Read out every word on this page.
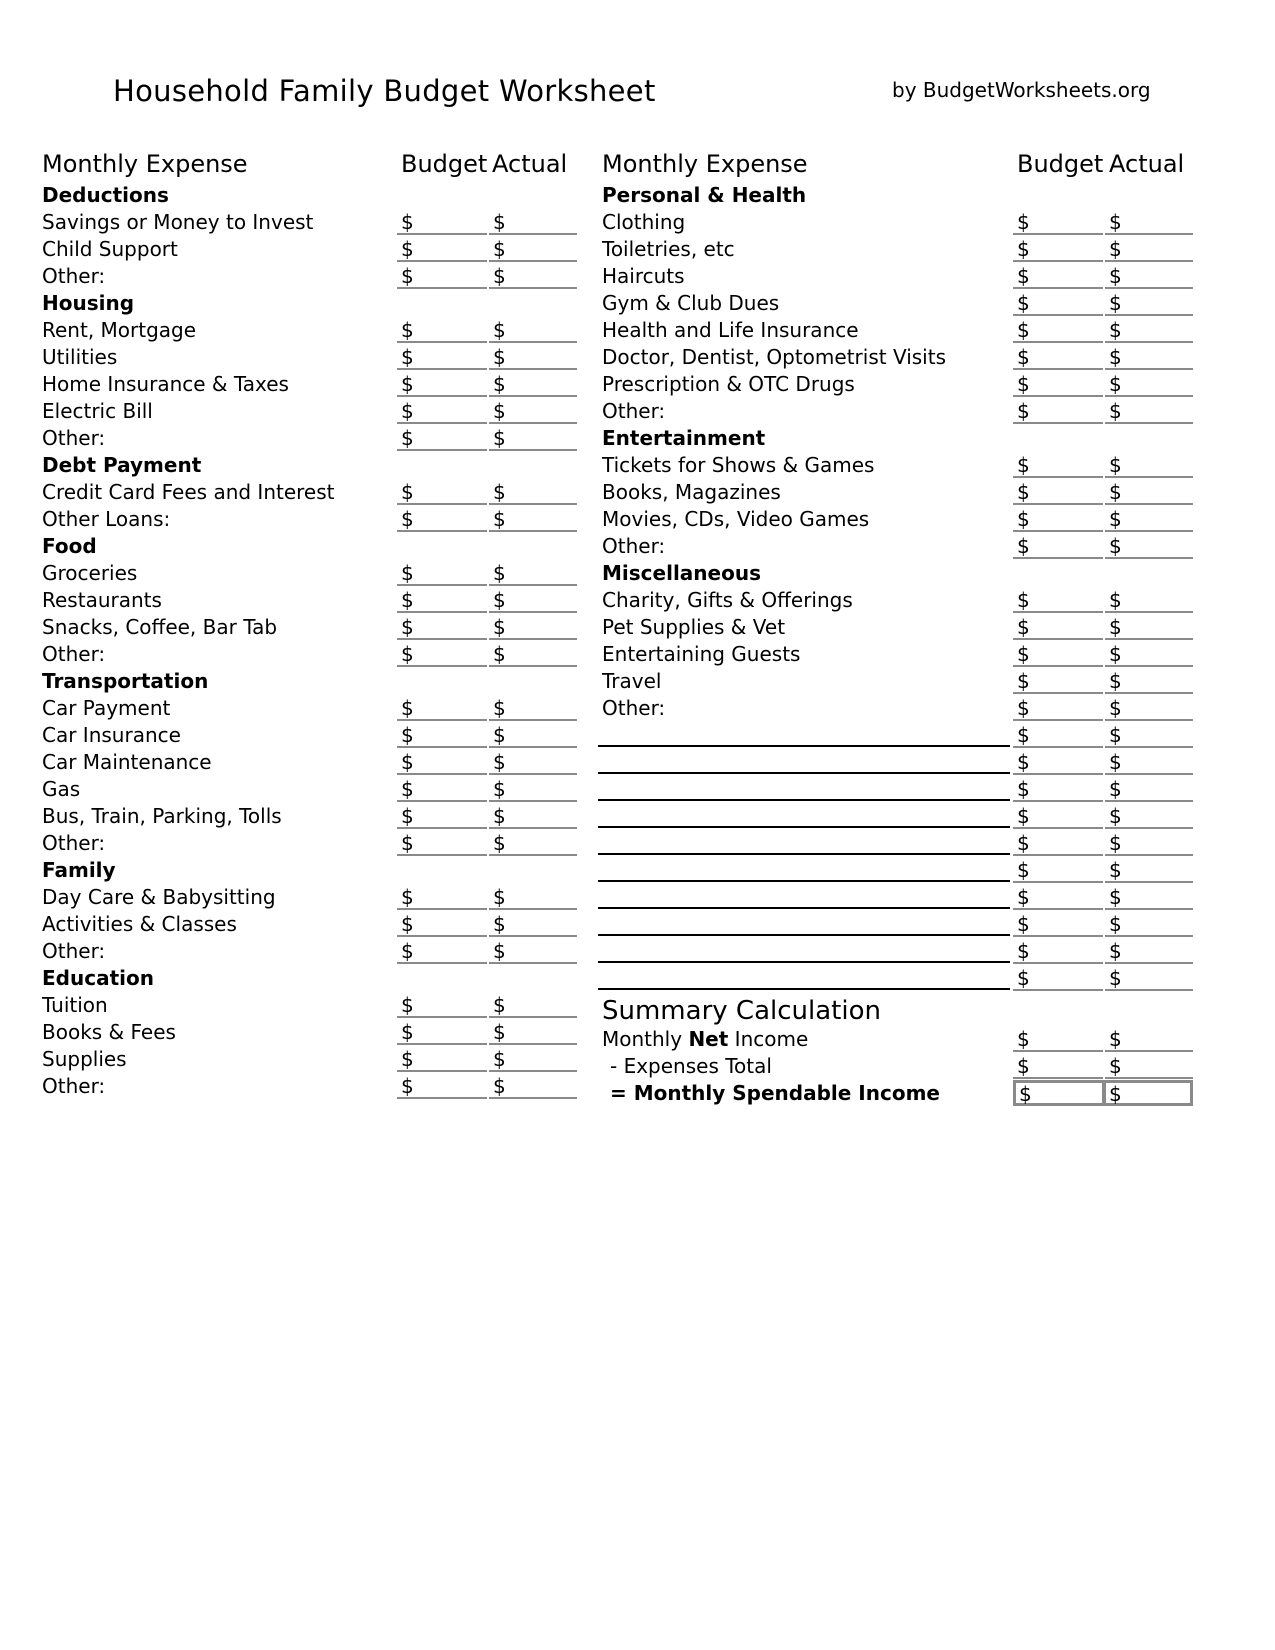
Household Family Budget Worksheet	by BudgetWorksheets.org
Monthly Expense	Budget Actual
Deductions
Savings or Money to Invest	$	$
Child Support	$	$
Other:	$	$
Housing
Rent, Mortgage	$	$
Utilities	$	$
Home Insurance & Taxes	$	$
Electric Bill	$	$
Other:	$	$
Debt Payment
Credit Card Fees and Interest	$	$
Other Loans:	$	$
Food
Groceries	$	$
Restaurants	$	$
Snacks, Coffee, Bar Tab	$	$
Other:	$	$
Transportation
Car Payment	$	$
Car Insurance	$	$
Car Maintenance	$	$
Gas	$	$
Bus, Train, Parking, Tolls	$	$
Other:	$	$
Family
Day Care & Babysitting	$	$
Activities & Classes	$	$
Other:	$	$
Education
Tuition	$	$
Books & Fees	$	$
Supplies	$	$
Other:	$	$
Monthly Expense	Budget Actual
Personal & Health
Clothing	$	$
Toiletries, etc	$	$
Haircuts	$	$
Gym & Club Dues	$	$
Health and Life Insurance	$	$
Doctor, Dentist, Optometrist Visits	$	$
Prescription & OTC Drugs	$	$
Other:	$	$
Entertainment
Tickets for Shows & Games	$	$
Books, Magazines	$	$
Movies, CDs, Video Games	$	$
Other:	$	$
Miscellaneous
Charity, Gifts & Offerings	$	$
Pet Supplies & Vet	$	$
Entertaining Guests	$	$
Travel	$	$
Other:	$	$
$	$
$	$
$	$
$	$
$	$
$	$
$	$
$	$
$	$
$	$
Summary Calculation
Monthly Net Income	$	$
- Expenses Total	$	$
= Monthly Spendable Income	$	$
